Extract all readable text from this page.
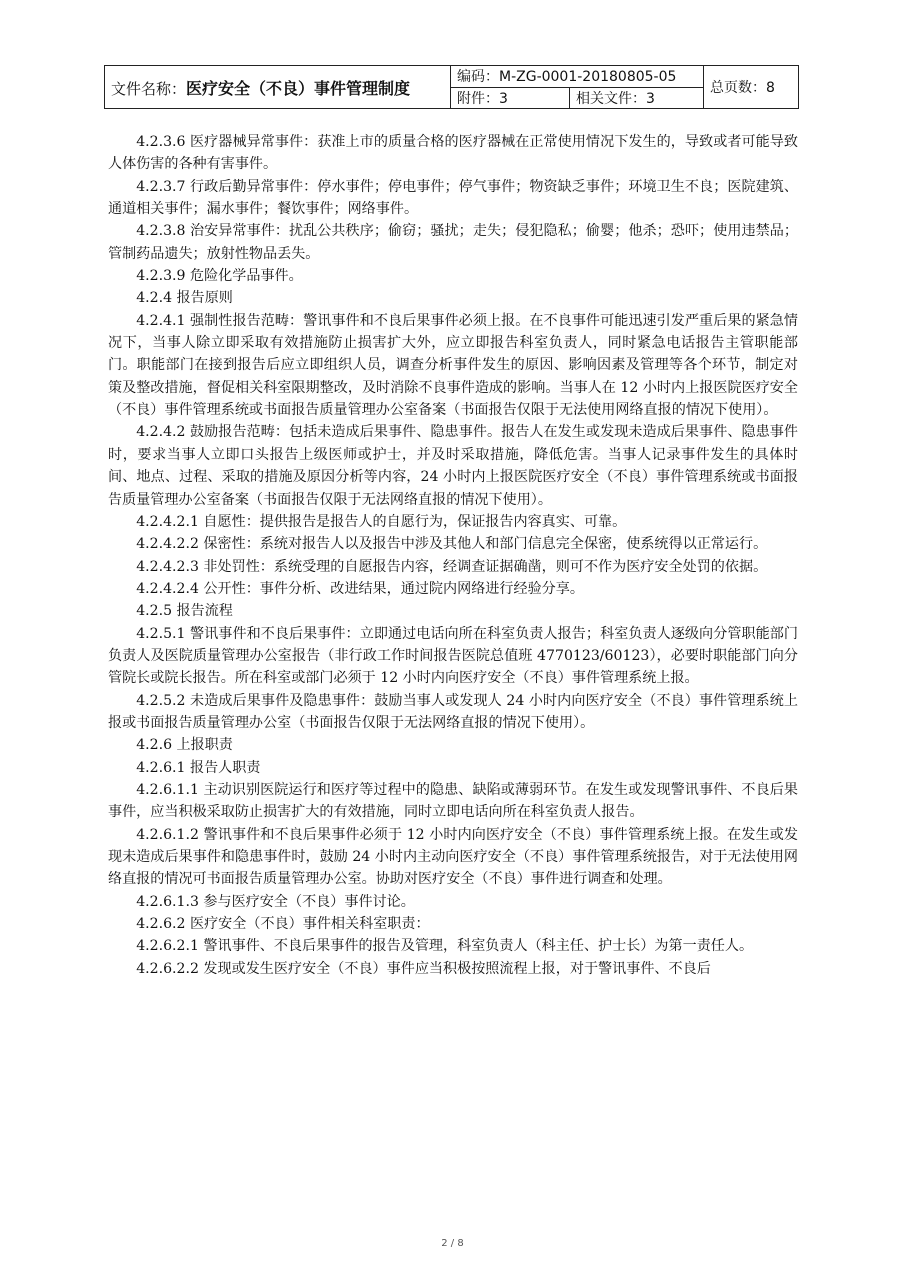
文件名称：医疗安全（不良）事件管理制度	编码：M-ZG-0001-20180805-05		总页数：8
	附件：3	相关文件：3	

4.2.3.6 医疗器械异常事件：获准上市的质量合格的医疗器械在正常使用情况下发生的，导致或者可能导致人体伤害的各种有害事件。

4.2.3.7 行政后勤异常事件：停水事件；停电事件；停气事件；物资缺乏事件；环境卫生不良；医院建筑、通道相关事件；漏水事件；餐饮事件；网络事件。

4.2.3.8 治安异常事件：扰乱公共秩序；偷窃；骚扰；走失；侵犯隐私；偷婴；他杀；恐吓；使用违禁品；管制药品遗失；放射性物品丢失。

4.2.3.9 危险化学品事件。

4.2.4 报告原则

4.2.4.1 强制性报告范畴：警讯事件和不良后果事件必须上报。在不良事件可能迅速引发严重后果的紧急情况下，当事人除立即采取有效措施防止损害扩大外，应立即报告科室负责人，同时紧急电话报告主管职能部门。职能部门在接到报告后应立即组织人员，调查分析事件发生的原因、影响因素及管理等各个环节，制定对策及整改措施，督促相关科室限期整改，及时消除不良事件造成的影响。当事人在 12 小时内上报医院医疗安全（不良）事件管理系统或书面报告质量管理办公室备案（书面报告仅限于无法使用网络直报的情况下使用）。

4.2.4.2 鼓励报告范畴：包括未造成后果事件、隐患事件。报告人在发生或发现未造成后果事件、隐患事件时，要求当事人立即口头报告上级医师或护士，并及时采取措施，降低危害。当事人记录事件发生的具体时间、地点、过程、采取的措施及原因分析等内容，24 小时内上报医院医疗安全（不良）事件管理系统或书面报告质量管理办公室备案（书面报告仅限于无法网络直报的情况下使用）。

4.2.4.2.1 自愿性：提供报告是报告人的自愿行为，保证报告内容真实、可靠。

4.2.4.2.2 保密性：系统对报告人以及报告中涉及其他人和部门信息完全保密，使系统得以正常运行。

4.2.4.2.3 非处罚性：系统受理的自愿报告内容，经调查证据确凿，则可不作为医疗安全处罚的依据。

4.2.4.2.4 公开性：事件分析、改进结果，通过院内网络进行经验分享。

4.2.5 报告流程

4.2.5.1 警讯事件和不良后果事件：立即通过电话向所在科室负责人报告；科室负责人逐级向分管职能部门负责人及医院质量管理办公室报告（非行政工作时间报告医院总值班 4770123/60123），必要时职能部门向分管院长或院长报告。所在科室或部门必须于 12 小时内向医疗安全（不良）事件管理系统上报。

4.2.5.2 未造成后果事件及隐患事件：鼓励当事人或发现人 24 小时内向医疗安全（不良）事件管理系统上报或书面报告质量管理办公室（书面报告仅限于无法网络直报的情况下使用）。

4.2.6 上报职责

4.2.6.1 报告人职责

4.2.6.1.1 主动识别医院运行和医疗等过程中的隐患、缺陷或薄弱环节。在发生或发现警讯事件、不良后果事件，应当积极采取防止损害扩大的有效措施，同时立即电话向所在科室负责人报告。

4.2.6.1.2 警讯事件和不良后果事件必须于 12 小时内向医疗安全（不良）事件管理系统上报。在发生或发现未造成后果事件和隐患事件时，鼓励 24 小时内主动向医疗安全（不良）事件管理系统报告，对于无法使用网络直报的情况可书面报告质量管理办公室。协助对医疗安全（不良）事件进行调查和处理。

4.2.6.1.3 参与医疗安全（不良）事件讨论。

4.2.6.2 医疗安全（不良）事件相关科室职责：

4.2.6.2.1 警讯事件、不良后果事件的报告及管理，科室负责人（科主任、护士长）为第一责任人。

4.2.6.2.2 发现或发生医疗安全（不良）事件应当积极按照流程上报，对于警讯事件、不良后

2 / 8
